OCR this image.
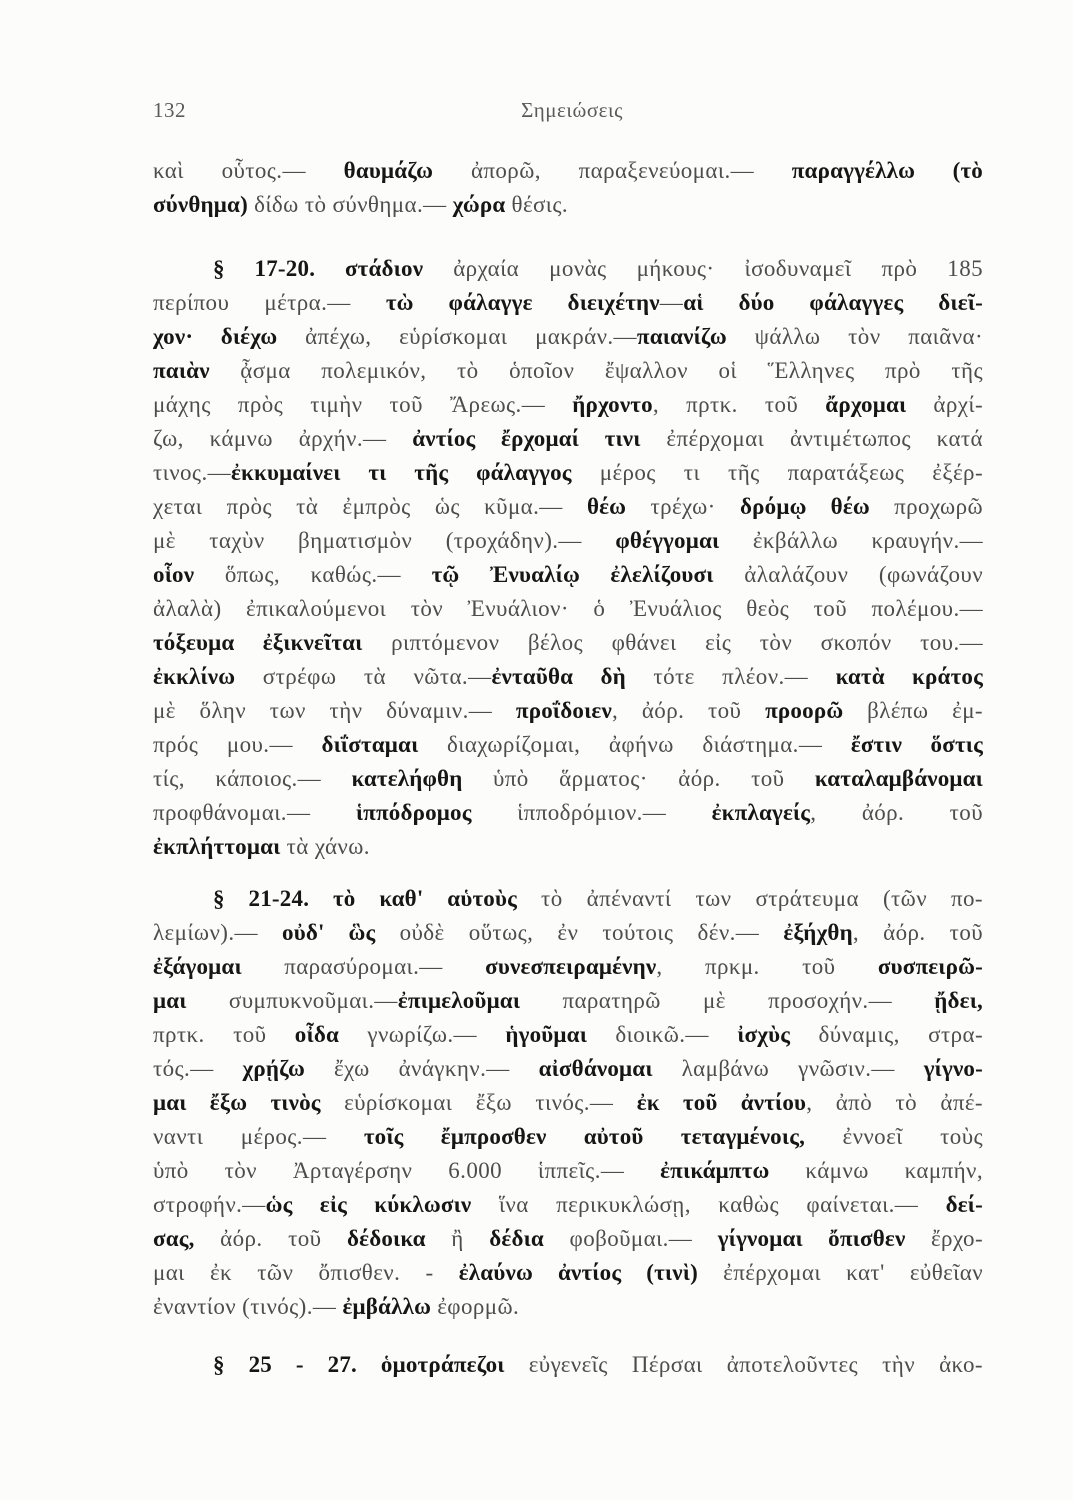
132	Σημειώσεις
καὶ οὗτος.— θαυμάζω ἀπορῶ, παραξενεύομαι.— παραγγέλλω (τὸ
σύνθημα) δίδω τὸ σύνθημα.— χώρα θέσις.
§ 17-20. στάδιον ἀρχαία μονὰς μήκους· ἰσοδυναμεῖ πρὸ 185
περίπου μέτρα.— τὼ φάλαγγε διειχέτην—αἱ δύο φάλαγγες διεῖ-
χον· διέχω ἀπέχω, εὑρίσκομαι μακράν.—παιανίζω ψάλλω τὸν παιᾶνα·
παιὰν ᾆσμα πολεμικόν, τὸ ὁποῖον ἔψαλλον οἱ Ἕλληνες πρὸ τῆς
μάχης πρὸς τιμὴν τοῦ Ἄρεως.— ἤρχοντο, πρτκ. τοῦ ἄρχομαι ἀρχί-
ζω, κάμνω ἀρχήν.— ἀντίος ἔρχομαί τινι ἐπέρχομαι ἀντιμέτωπος κατά
τινος.—ἐκκυμαίνει τι τῆς φάλαγγος μέρος τι τῆς παρατάξεως ἐξέρ-
χεται πρὸς τὰ ἐμπρὸς ὡς κῦμα.— θέω τρέχω· δρόμῳ θέω προχωρῶ
μὲ ταχὺν βηματισμὸν (τροχάδην).— φθέγγομαι ἐκβάλλω κραυγήν.—
οἷον ὅπως, καθώς.— τῷ Ἐνυαλίῳ ἐλελίζουσι ἀλαλάζουν (φωνάζουν
ἀλαλὰ) ἐπικαλούμενοι τὸν Ἐνυάλιον· ὁ Ἐνυάλιος θεὸς τοῦ πολέμου.—
τόξευμα ἐξικνεῖται ριπτόμενον βέλος φθάνει εἰς τὸν σκοπόν του.—
ἐκκλίνω στρέφω τὰ νῶτα.—ἐνταῦθα δὴ τότε πλέον.— κατὰ κράτος
μὲ ὅλην των τὴν δύναμιν.— προΐδοιεν, ἀόρ. τοῦ προορῶ βλέπω ἐμ-
πρός μου.— διΐσταμαι διαχωρίζομαι, ἀφήνω διάστημα.— ἔστιν ὅστις
τίς, κάποιος.— κατελήφθη ὑπὸ ἅρματος· ἀόρ. τοῦ καταλαμβάνομαι
προφθάνομαι.— ἱππόδρομος ἱπποδρόμιον.— ἐκπλαγείς, ἀόρ. τοῦ
ἐκπλήττομαι τὰ χάνω.
§ 21-24. τὸ καθ' αὑτοὺς τὸ ἀπέναντί των στράτευμα (τῶν πο-
λεμίων).— οὐδ' ὣς οὐδὲ οὕτως, ἐν τούτοις δέν.— ἐξήχθη, ἀόρ. τοῦ
ἐξάγομαι παρασύρομαι.— συνεσπειραμένην, πρκμ. τοῦ συσπειρῶ-
μαι συμπυκνοῦμαι.—ἐπιμελοῦμαι παρατηρῶ μὲ προσοχήν.— ᾔδει,
πρτκ. τοῦ οἶδα γνωρίζω.— ἡγοῦμαι διοικῶ.— ἰσχὺς δύναμις, στρα-
τός.— χρῄζω ἔχω ἀνάγκην.— αἰσθάνομαι λαμβάνω γνῶσιν.— γίγνο-
μαι ἔξω τινὸς εὑρίσκομαι ἔξω τινός.— ἐκ τοῦ ἀντίου, ἀπὸ τὸ ἀπέ-
ναντι μέρος.— τοῖς ἔμπροσθεν αὐτοῦ τεταγμένοις, ἐννοεῖ τοὺς
ὑπὸ τὸν Ἀρταγέρσην 6.000 ἱππεῖς.— ἐπικάμπτω κάμνω καμπήν,
στροφήν.—ὡς εἰς κύκλωσιν ἵνα περικυκλώσῃ, καθὼς φαίνεται.— δεί-
σας, ἀόρ. τοῦ δέδοικα ἢ δέδια φοβοῦμαι.— γίγνομαι ὄπισθεν ἔρχο-
μαι ἐκ τῶν ὄπισθεν. - ἐλαύνω ἀντίος (τινὶ) ἐπέρχομαι κατ' εὐθεῖαν
ἐναντίον (τινός).— ἐμβάλλω ἐφορμῶ.
§ 25 - 27. ὁμοτράπεζοι εὐγενεῖς Πέρσαι ἀποτελοῦντες τὴν ἀκο-
